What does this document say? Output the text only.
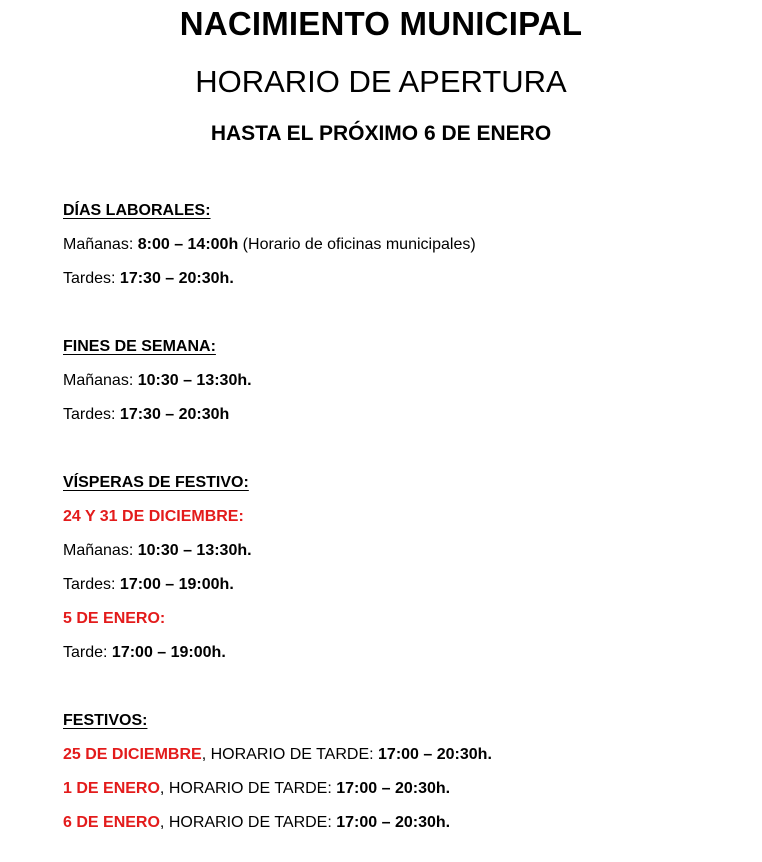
NACIMIENTO MUNICIPAL
HORARIO DE APERTURA
HASTA EL PRÓXIMO 6 DE ENERO
DÍAS LABORALES:
Mañanas: 8:00 – 14:00h (Horario de oficinas municipales)
Tardes: 17:30 – 20:30h.
FINES DE SEMANA:
Mañanas: 10:30 – 13:30h.
Tardes: 17:30 – 20:30h
VÍSPERAS DE FESTIVO:
24 Y 31 DE DICIEMBRE:
Mañanas: 10:30 – 13:30h.
Tardes: 17:00 – 19:00h.
5 DE ENERO:
Tarde: 17:00 – 19:00h.
FESTIVOS:
25 DE DICIEMBRE, HORARIO DE TARDE: 17:00 – 20:30h.
1 DE ENERO, HORARIO DE TARDE: 17:00 – 20:30h.
6 DE ENERO, HORARIO DE TARDE: 17:00 – 20:30h.
